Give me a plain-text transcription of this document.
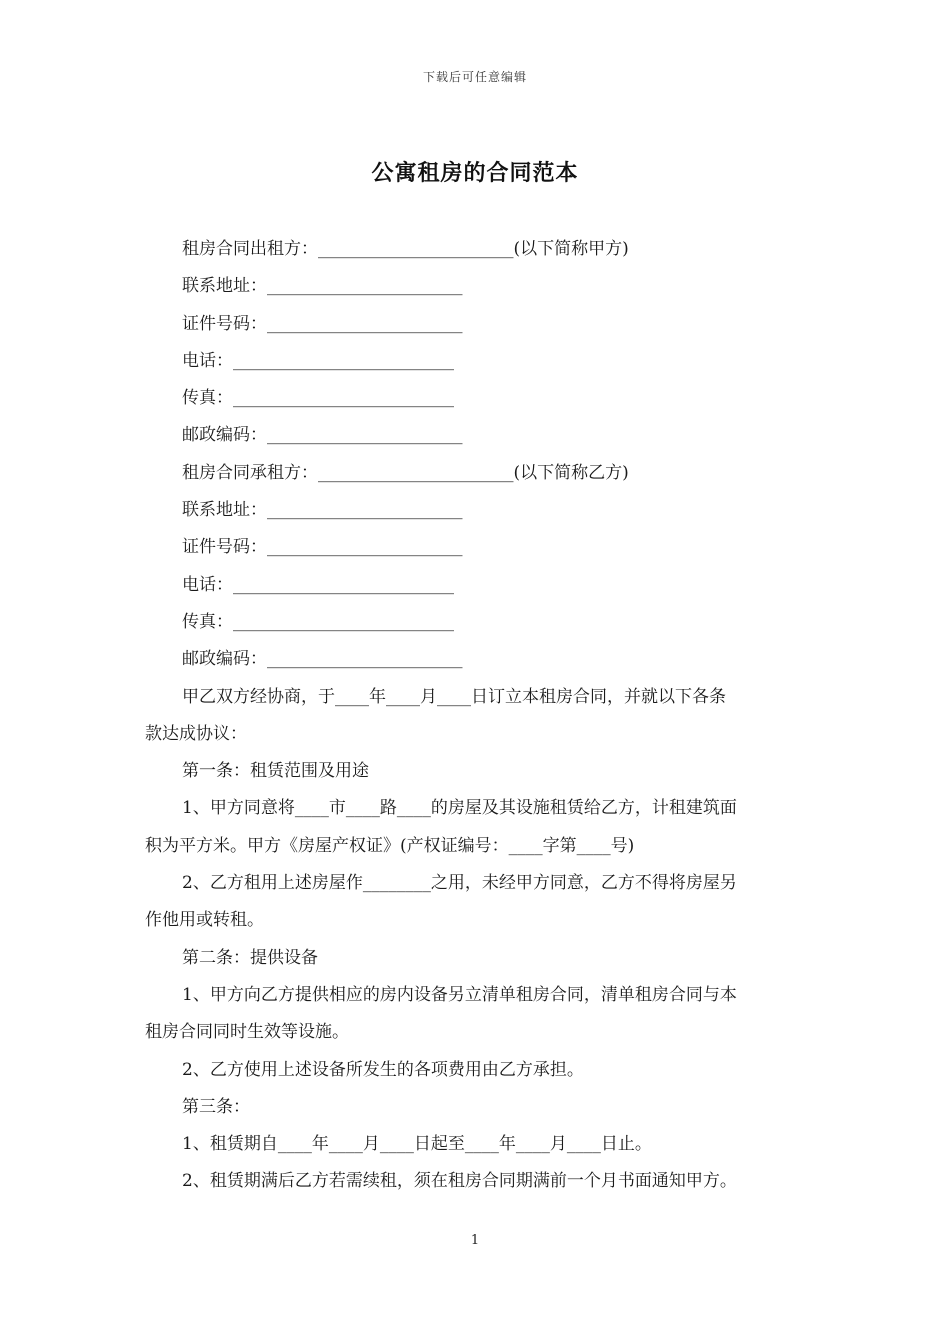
下载后可任意编辑
公寓租房的合同范本
租房合同出租方：_______________________(以下简称甲方)
联系地址：_______________________
证件号码：_______________________
电话：__________________________
传真：__________________________
邮政编码：_______________________
租房合同承租方：_______________________(以下简称乙方)
联系地址：_______________________
证件号码：_______________________
电话：__________________________
传真：__________________________
邮政编码：_______________________
甲乙双方经协商，于____年____月____日订立本租房合同，并就以下各条
款达成协议：
第一条：租赁范围及用途
1、甲方同意将____市____路____的房屋及其设施租赁给乙方，计租建筑面
积为平方米。甲方《房屋产权证》(产权证编号：____字第____号)
2、乙方租用上述房屋作________之用，未经甲方同意，乙方不得将房屋另
作他用或转租。
第二条：提供设备
1、甲方向乙方提供相应的房内设备另立清单租房合同，清单租房合同与本
租房合同同时生效等设施。
2、乙方使用上述设备所发生的各项费用由乙方承担。
第三条：
1、租赁期自____年____月____日起至____年____月____日止。
2、租赁期满后乙方若需续租，须在租房合同期满前一个月书面通知甲方。
1
